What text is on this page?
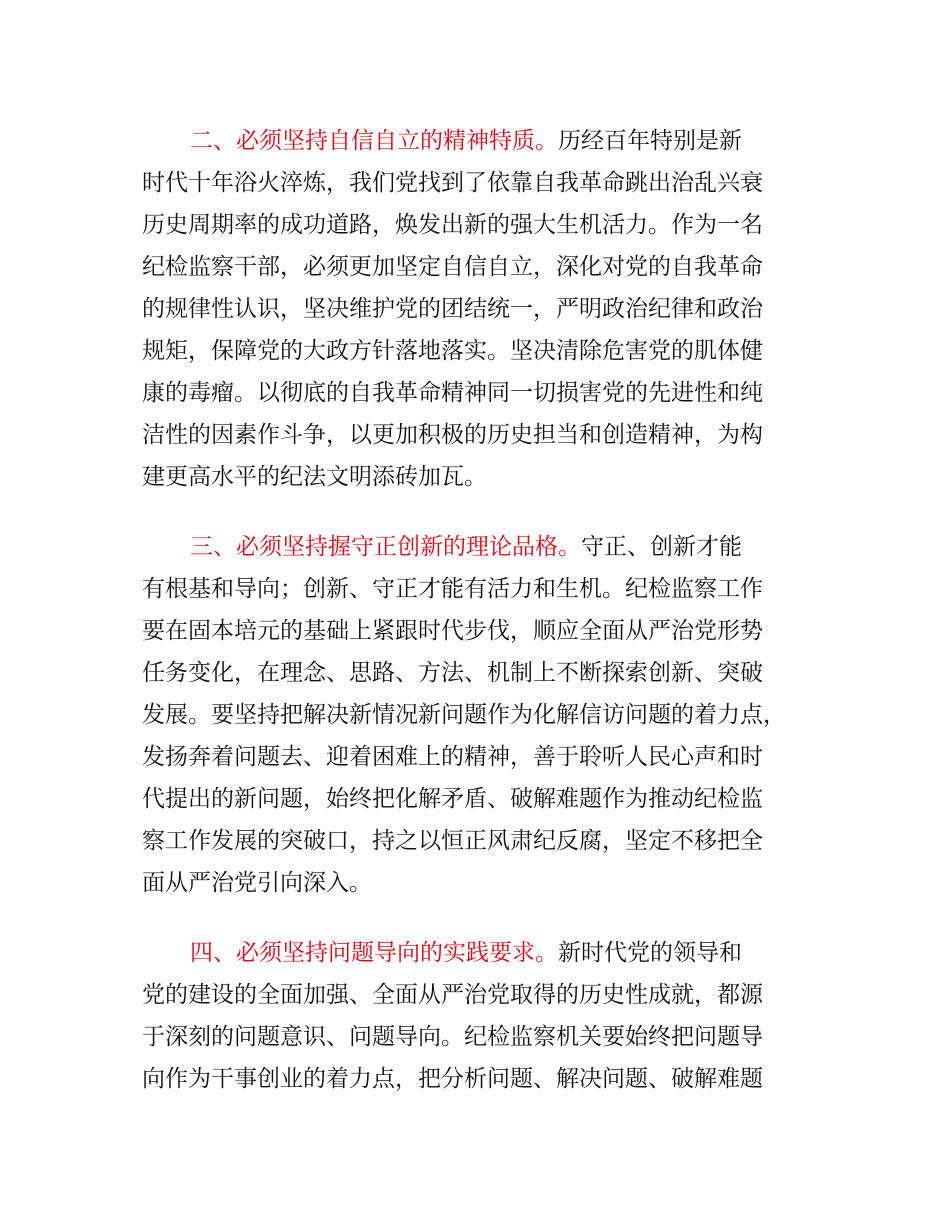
二、必须坚持自信自立的精神特质。历经百年特别是新
时代十年浴火淬炼，我们党找到了依靠自我革命跳出治乱兴衰
历史周期率的成功道路，焕发出新的强大生机活力。作为一名
纪检监察干部，必须更加坚定自信自立，深化对党的自我革命
的规律性认识，坚决维护党的团结统一，严明政治纪律和政治
规矩，保障党的大政方针落地落实。坚决清除危害党的肌体健
康的毒瘤。以彻底的自我革命精神同一切损害党的先进性和纯
洁性的因素作斗争，以更加积极的历史担当和创造精神，为构
建更高水平的纪法文明添砖加瓦。
三、必须坚持握守正创新的理论品格。守正、创新才能
有根基和导向；创新、守正才能有活力和生机。纪检监察工作
要在固本培元的基础上紧跟时代步伐，顺应全面从严治党形势
任务变化，在理念、思路、方法、机制上不断探索创新、突破
发展。要坚持把解决新情况新问题作为化解信访问题的着力点，
发扬奔着问题去、迎着困难上的精神，善于聆听人民心声和时
代提出的新问题，始终把化解矛盾、破解难题作为推动纪检监
察工作发展的突破口，持之以恒正风肃纪反腐，坚定不移把全
面从严治党引向深入。
四、必须坚持问题导向的实践要求。新时代党的领导和
党的建设的全面加强、全面从严治党取得的历史性成就，都源
于深刻的问题意识、问题导向。纪检监察机关要始终把问题导
向作为干事创业的着力点，把分析问题、解决问题、破解难题
